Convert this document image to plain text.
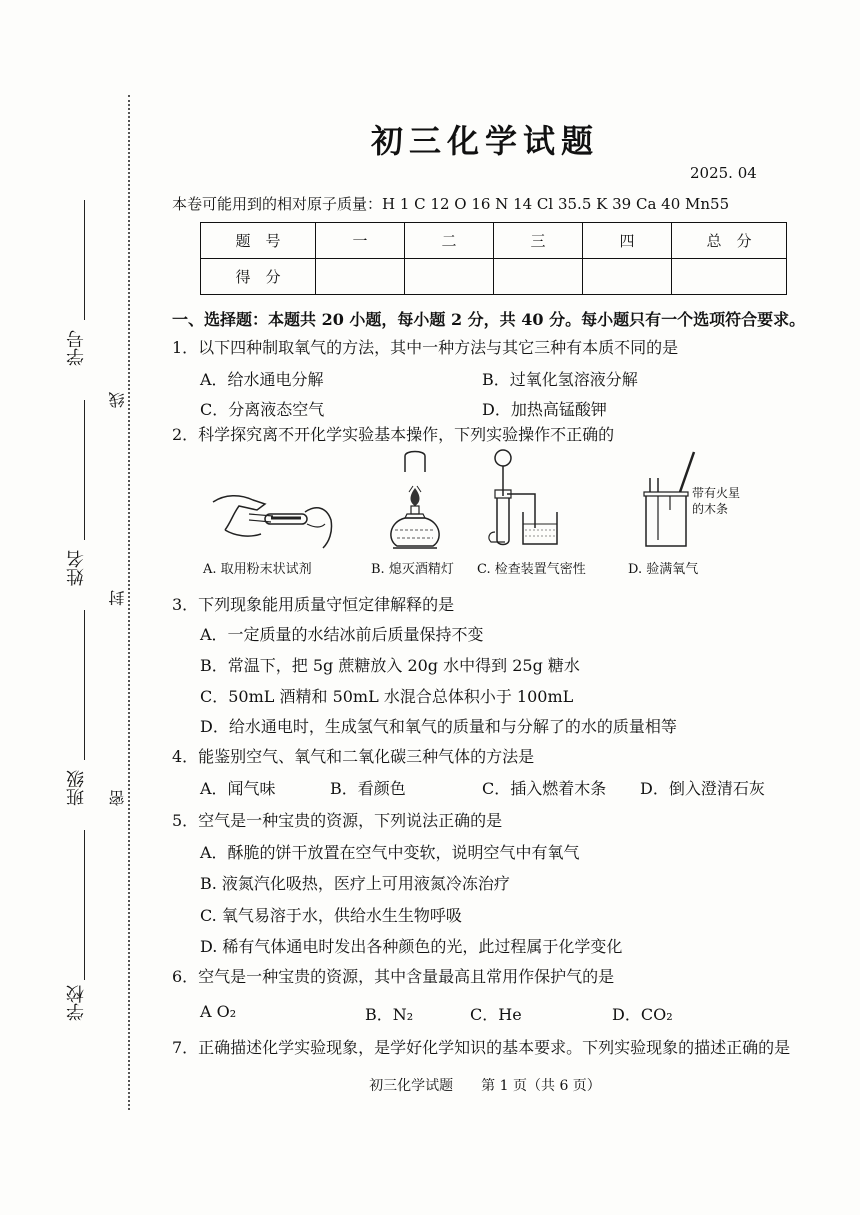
学号
姓名
班级
学校
线
封
密
初三化学试题
2025. 04
本卷可能用到的相对原子质量：H 1 C 12 O 16 N 14 Cl 35.5 K 39 Ca 40 Mn55
题　号	一	二	三	四	总　分
得　分					
一、选择题：本题共 20 小题，每小题 2 分，共 40 分。每小题只有一个选项符合要求。
1．以下四种制取氧气的方法，其中一种方法与其它三种有本质不同的是
A．给水通电分解	B．过氧化氢溶液分解
C．分离液态空气	D．加热高锰酸钾
2．科学探究离不开化学实验基本操作，下列实验操作不正确的
A. 取用粉末状试剂	B. 熄灭酒精灯 C. 检查装置气密性
带有火星
的木条
D. 验满氧气
3．下列现象能用质量守恒定律解释的是
A．一定质量的水结冰前后质量保持不变
B．常温下，把 5g 蔗糖放入 20g 水中得到 25g 糖水
C．50mL 酒精和 50mL 水混合总体积小于 100mL
D．给水通电时，生成氢气和氧气的质量和与分解了的水的质量相等
4．能鉴别空气、氧气和二氧化碳三种气体的方法是
A．闻气味	B．看颜色	C．插入燃着木条 D．倒入澄清石灰
5．空气是一种宝贵的资源，下列说法正确的是
A．酥脆的饼干放置在空气中变软，说明空气中有氧气
B. 液氮汽化吸热，医疗上可用液氮冷冻治疗
C. 氧气易溶于水，供给水生生物呼吸
D. 稀有气体通电时发出各种颜色的光，此过程属于化学变化
6．空气是一种宝贵的资源，其中含量最高且常用作保护气的是
A O₂	B．N₂	C．He	D．CO₂
7．正确描述化学实验现象，是学好化学知识的基本要求。下列实验现象的描述正确的是
初三化学试题　　第 1 页（共 6 页）
